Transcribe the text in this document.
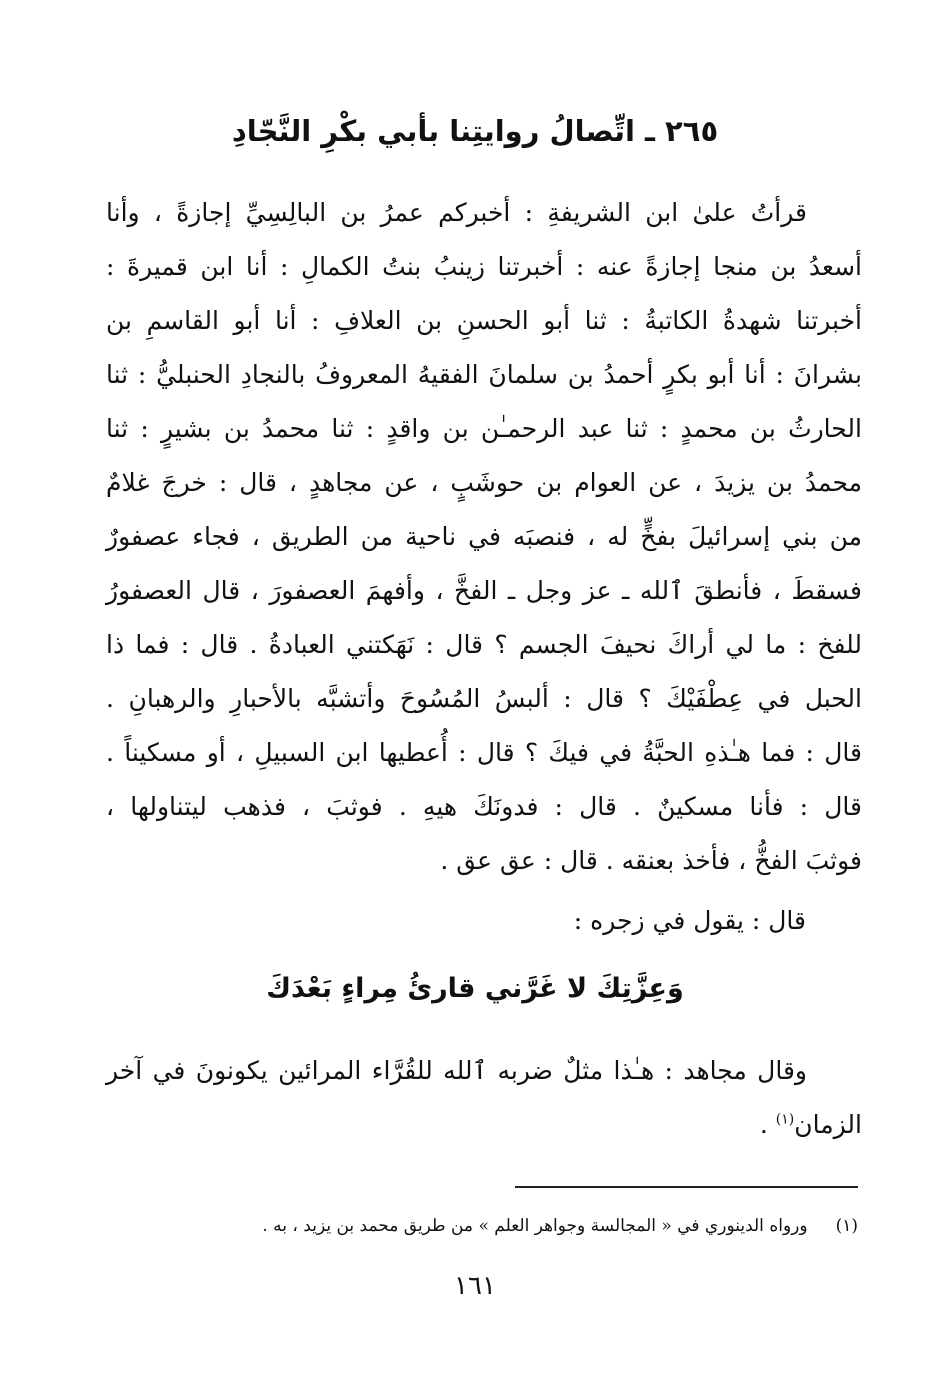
٢٦٥ ـ اتِّصالُ روايتِنا بأبي بكْرِ النَّجّادِ
قرأتُ علىٰ ابن الشريفةِ : أخبركم عمرُ بن البالِسِيِّ إجازةً ، وأنا
أسعدُ بن منجا إجازةً عنه : أخبرتنا زينبُ بنتُ الكمالِ : أنا ابن قميرةَ :
أخبرتنا شهدةُ الكاتبةُ : ثنا أبو الحسنِ بن العلافِ : أنا أبو القاسمِ بن
بشرانَ : أنا أبو بكرٍ أحمدُ بن سلمانَ الفقيهُ المعروفُ بالنجادِ الحنبليُّ : ثنا
الحارثُ بن محمدٍ : ثنا عبد الرحمـٰن بن واقدٍ : ثنا محمدُ بن بشيرٍ : ثنا
محمدُ بن يزيدَ ، عن العوام بن حوشَبٍ ، عن مجاهدٍ ، قال : خرجَ غلامٌ
من بني إسرائيلَ بفخٍّ له ، فنصبَه في ناحية من الطريق ، فجاء عصفورٌ
فسقطَ ، فأنطقَ ٱلله ـ عز وجل ـ الفخَّ ، وأفهمَ العصفورَ ، قال العصفورُ
للفخ : ما لي أراكَ نحيفَ الجسم ؟ قال : نَهَكتني العبادةُ . قال : فما ذا
الحبل في عِطْفَيْكَ ؟ قال : ألبسُ المُسُوحَ وأتشبَّه بالأحبارِ والرهبانِ .
قال : فما هـٰذهِ الحبَّةُ في فيكَ ؟ قال : أُعطيها ابن السبيلِ ، أو مسكيناً .
قال : فأنا مسكينٌ . قال : فدونَكَ هيهِ . فوثبَ ، فذهب ليتناولها ،
فوثبَ الفخُّ ، فأخذ بعنقه . قال : عق عق .
قال : يقول في زجره :
وَعِزَّتِكَ لا غَرَّني قارئُ مِراءٍ بَعْدَكَ
وقال مجاهد : هـٰذا مثلٌ ضربه ٱلله للقُرَّاء المرائين يكونونَ في آخر
الزمان$^{(١)}$ .
(١)ورواه الدينوري في « المجالسة وجواهر العلم » من طريق محمد بن يزيد ، به .
١٦١
